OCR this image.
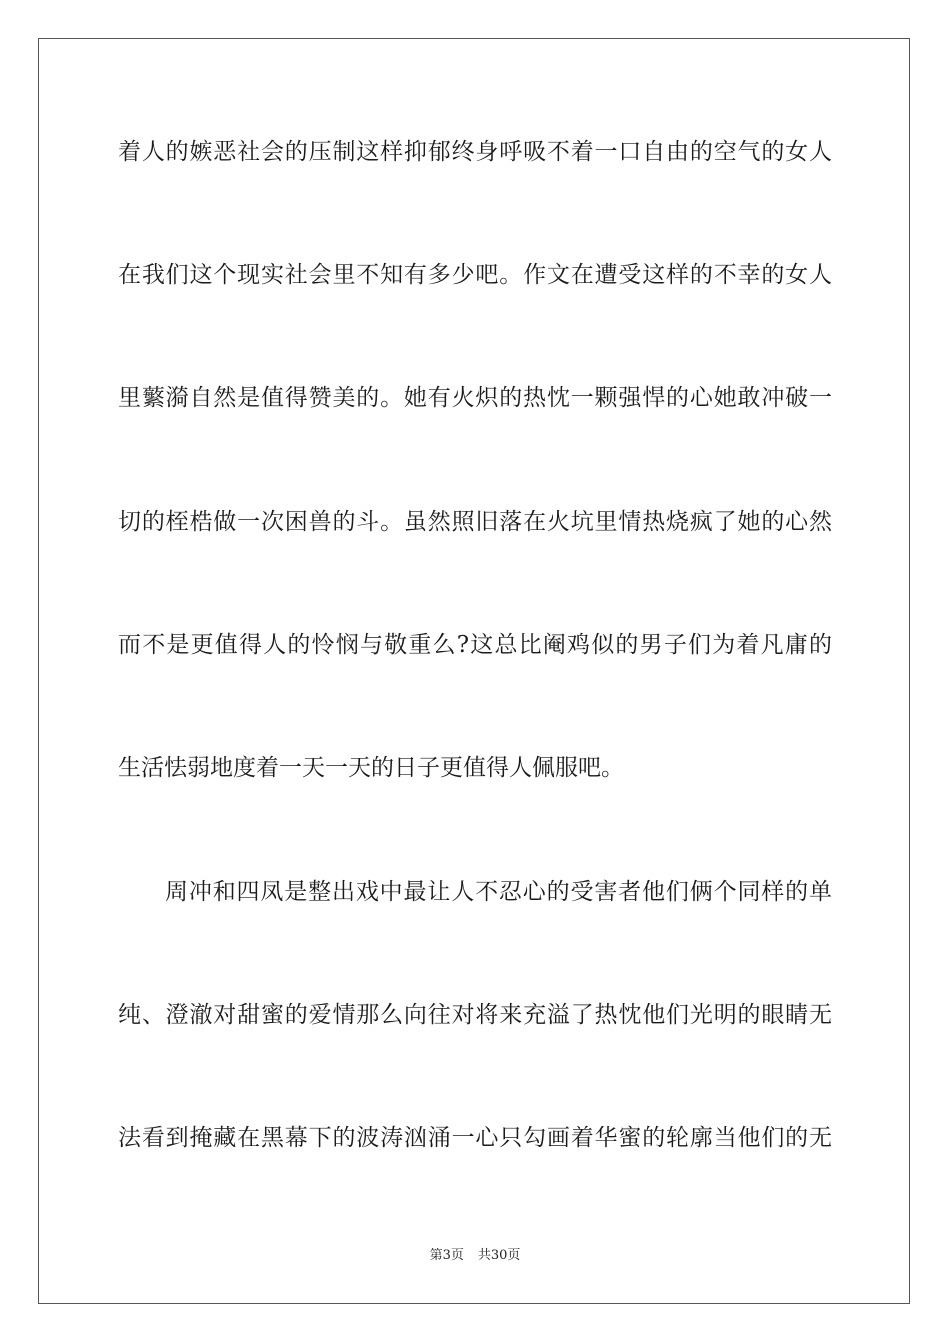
着人的嫉恶社会的压制这样抑郁终身呼吸不着一口自由的空气的女人
在我们这个现实社会里不知有多少吧。作文在遭受这样的不幸的女人
里蘩漪自然是值得赞美的。她有火炽的热忱一颗强悍的心她敢冲破一
切的桎梏做一次困兽的斗。虽然照旧落在火坑里情热烧疯了她的心然
而不是更值得人的怜悯与敬重么?这总比阉鸡似的男子们为着凡庸的
生活怯弱地度着一天一天的日子更值得人佩服吧。
周冲和四凤是整出戏中最让人不忍心的受害者他们俩个同样的单
纯、澄澈对甜蜜的爱情那么向往对将来充溢了热忱他们光明的眼睛无
法看到掩藏在黑幕下的波涛汹涌一心只勾画着华蜜的轮廓当他们的无
第3页 共30页
